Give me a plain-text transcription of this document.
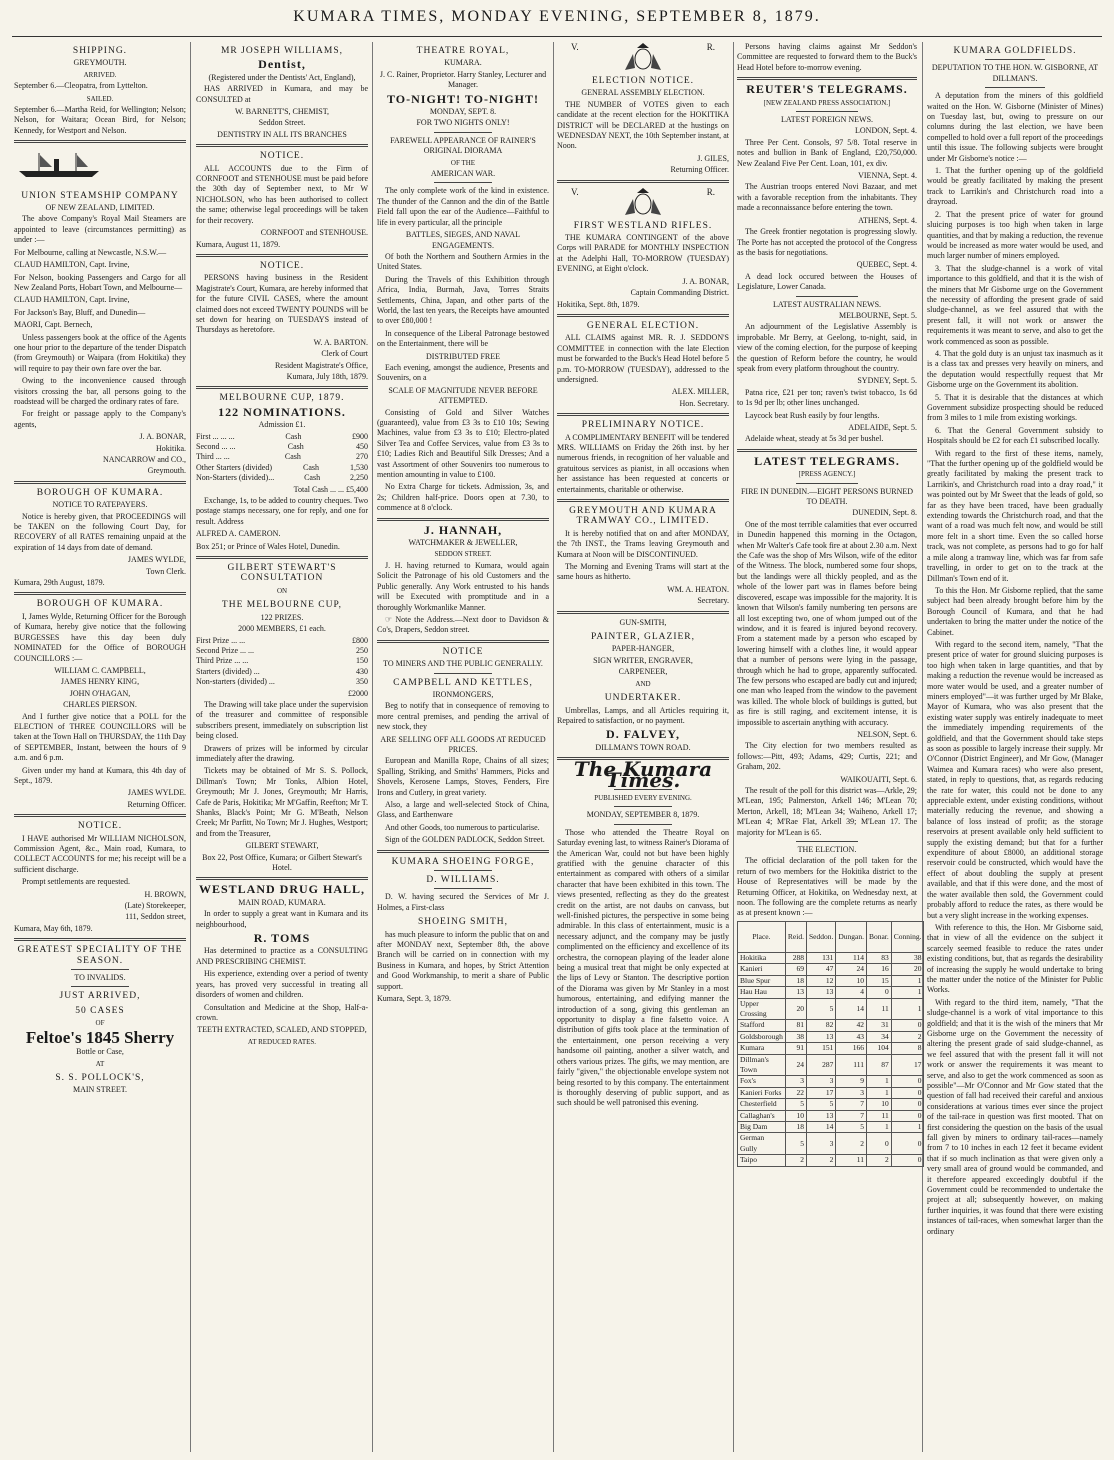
KUMARA TIMES, MONDAY EVENING, SEPTEMBER 8, 1879.
SHIPPING.
GREYMOUTH.
ARRIVED.
September 6.—Cleopatra, from Lyttelton.
SAILED.
September 6.—Martha Reid, for Wellington; Nelson; Nelson, for Waitara; Ocean Bird, for Nelson; Kennedy, for Westport and Nelson.
UNION STEAMSHIP COMPANY
OF NEW ZEALAND, LIMITED.
The above Company's Royal Mail Steamers are appointed to leave (circumstances permitting) as under :—
For Melbourne, calling at Newcastle, N.S.W.—
CLAUD HAMILTON, Capt. Irvine,
For Nelson, booking Passengers and Cargo for all New Zealand Ports, Hobart Town, and Melbourne—
CLAUD HAMILTON, Capt. Irvine,
For Jackson's Bay, Bluff, and Dunedin—
MAORI, Capt. Bernech,
Unless passengers book at the office of the Agents one hour prior to the departure of the tender Dispatch (from Greymouth) or Waipara (from Hokitika) they will require to pay their own fare over the bar.
Owing to the inconvenience caused through visitors crossing the bar, all persons going to the roadstead will be charged the ordinary rates of fare.
For freight or passage apply to the Company's agents,
J. A. BONAR,
Hokitika.
NANCARROW and CO.,
Greymouth.
BOROUGH OF KUMARA.
NOTICE TO RATEPAYERS.
Notice is hereby given, that PROCEEDINGS will be TAKEN on the following Court Day, for RECOVERY of all RATES remaining unpaid at the expiration of 14 days from date of demand.
JAMES WYLDE,
Town Clerk.
Kumara, 29th August, 1879.
BOROUGH OF KUMARA.
I, James Wylde, Returning Officer for the Borough of Kumara, hereby give notice that the following BURGESSES have this day been duly NOMINATED for the Office of BOROUGH COUNCILLORS :—
WILLIAM C. CAMPBELL,
JAMES HENRY KING,
JOHN O'HAGAN,
CHARLES PIERSON.
And I further give notice that a POLL for the ELECTION of THREE COUNCILLORS will be taken at the Town Hall on THURSDAY, the 11th Day of SEPTEMBER, Instant, between the hours of 9 a.m. and 6 p.m.
Given under my hand at Kumara, this 4th day of Sept., 1879.
JAMES WYLDE.
Returning Officer.
NOTICE.
I HAVE authorised Mr WILLIAM NICHOLSON, Commission Agent, &c., Main road, Kumara, to COLLECT ACCOUNTS for me; his receipt will be a sufficient discharge.
Prompt settlements are requested.
H. BROWN,
(Late) Storekeeper,
111, Seddon street,
Kumara, May 6th, 1879.
GREATEST SPECIALITY OF THE SEASON.
TO INVALIDS.
JUST ARRIVED,
50 CASES
OF
Feltoe's 1845 Sherry
Bottle or Case,
AT
S. S. POLLOCK'S,
MAIN STREET.
MR JOSEPH WILLIAMS,
Dentist,
(Registered under the Dentists' Act, England),
HAS ARRIVED in Kumara, and may be CONSULTED at
W. BARNETT'S, CHEMIST,
Seddon Street.
DENTISTRY IN ALL ITS BRANCHES
NOTICE.
ALL ACCOUNTS due to the Firm of CORNFOOT and STENHOUSE must be paid before the 30th day of September next, to Mr W NICHOLSON, who has been authorised to collect the same; otherwise legal proceedings will be taken for their recovery.
CORNFOOT and STENHOUSE.
Kumara, August 11, 1879.
NOTICE.
PERSONS having business in the Resident Magistrate's Court, Kumara, are hereby informed that for the future CIVIL CASES, where the amount claimed does not exceed TWENTY POUNDS will be set down for hearing on TUESDAYS instead of Thursdays as heretofore.
W. A. BARTON.
Clerk of Court
Resident Magistrate's Office,
Kumara, July 18th, 1879.
MELBOURNE CUP, 1879.
122 NOMINATIONS.
Admission £1.
First ... ... ...	Cash	£900
Second ... ...	Cash	450
Third ... ...	Cash	270
Other Starters (divided)	Cash	1,530
Non-Starters (divided)...	Cash	2,250
Total Cash ... ... £5,400
Exchange, 1s, to be added to country cheques. Two postage stamps necessary, one for reply, and one for result. Address
ALFRED A. CAMERON.
Box 251; or Prince of Wales Hotel, Dunedin.
GILBERT STEWART'S CONSULTATION
ON
THE MELBOURNE CUP,
122 PRIZES.
2000 MEMBERS, £1 each.
First Prize ... ...	£800
Second Prize ... ...	250
Third Prize ... ...	150
Starters (divided) ...	430
Non-starters (divided) ...	350
£2000
The Drawing will take place under the supervision of the treasurer and committee of responsible subscribers present, immediately on subscription list being closed.
Drawers of prizes will be informed by circular immediately after the drawing.
Tickets may be obtained of Mr S. S. Pollock, Dillman's Town; Mr Tonks, Albion Hotel, Greymouth; Mr J. Jones, Greymouth; Mr Harris, Cafe de Paris, Hokitika; Mr M'Gaffin, Reefton; Mr T. Shanks, Black's Point; Mr G. M'Beath, Nelson Creek; Mr Parfitt, No Town; Mr J. Hughes, Westport; and from the Treasurer,
GILBERT STEWART,
Box 22, Post Office, Kumara; or Gilbert Stewart's Hotel.
WESTLAND DRUG HALL,
MAIN ROAD, KUMARA.
In order to supply a great want in Kumara and its neighbourhood,
R. TOMS
Has determined to practice as a CONSULTING AND PRESCRIBING CHEMIST.
His experience, extending over a period of twenty years, has proved very successful in treating all disorders of women and children.
Consultation and Medicine at the Shop, Half-a-crown.
TEETH EXTRACTED, SCALED, AND STOPPED,
AT REDUCED RATES.
THEATRE ROYAL,
KUMARA.
J. C. Rainer, Proprietor. Harry Stanley, Lecturer and Manager.
TO-NIGHT! TO-NIGHT!
MONDAY, SEPT. 8.
FOR TWO NIGHTS ONLY!
FAREWELL APPEARANCE OF RAINER'S ORIGINAL DIORAMA
OF THE
AMERICAN WAR.
The only complete work of the kind in existence. The thunder of the Cannon and the din of the Battle Field fall upon the ear of the Audience—Faithful to life in every particular, all the principle
BATTLES, SIEGES, AND NAVAL ENGAGEMENTS.
Of both the Northern and Southern Armies in the United States.
During the Travels of this Exhibition through Africa, India, Burmah, Java, Torres Straits Settlements, China, Japan, and other parts of the World, the last ten years, the Receipts have amounted to over £80,000 !
In consequence of the Liberal Patronage bestowed on the Entertainment, there will be
DISTRIBUTED FREE
Each evening, amongst the audience, Presents and Souvenirs, on a
SCALE OF MAGNITUDE NEVER BEFORE ATTEMPTED.
Consisting of Gold and Silver Watches (guaranteed), value from £3 3s to £10 10s; Sewing Machines, value from £3 3s to £10; Electro-plated Silver Tea and Coffee Services, value from £3 3s to £10; Ladies Rich and Beautiful Silk Dresses; And a vast Assortment of other Souvenirs too numerous to mention amounting in value to £100.
No Extra Charge for tickets. Admission, 3s, and 2s; Children half-price. Doors open at 7.30, to commence at 8 o'clock.
J. HANNAH,
WATCHMAKER & JEWELLER,
SEDDON STREET.
J. H. having returned to Kumara, would again Solicit the Patronage of his old Customers and the Public generally. Any Work entrusted to his hands will be Executed with promptitude and in a thoroughly Workmanlike Manner.
☞ Note the Address.—Next door to Davidson & Co's, Drapers, Seddon street.
NOTICE
TO MINERS AND THE PUBLIC GENERALLY.
CAMPBELL AND KETTLES,
IRONMONGERS,
Beg to notify that in consequence of removing to more central premises, and pending the arrival of new stock, they
ARE SELLING OFF ALL GOODS AT REDUCED PRICES.
European and Manilla Rope, Chains of all sizes; Spalling, Striking, and Smiths' Hammers, Picks and Shovels, Kerosene Lamps, Stoves, Fenders, Fire Irons and Cutlery, in great variety.
Also, a large and well-selected Stock of China, Glass, and Earthenware
And other Goods, too numerous to particularise.
Sign of the GOLDEN PADLOCK, Seddon Street.
KUMARA SHOEING FORGE,
D. WILLIAMS.
D. W. having secured the Services of Mr J. Holmes, a First-class
SHOEING SMITH,
has much pleasure to inform the public that on and after MONDAY next, September 8th, the above Branch will be carried on in connection with my Business in Kumara, and hopes, by Strict Attention and Good Workmanship, to merit a share of Public support.
Kumara, Sept. 3, 1879.
V.	R.
ELECTION NOTICE.
GENERAL ASSEMBLY ELECTION.
THE NUMBER of VOTES given to each candidate at the recent election for the HOKITIKA DISTRICT will be DECLARED at the hustings on WEDNESDAY NEXT, the 10th September instant, at Noon.
J. GILES,
Returning Officer.
V.	R.
FIRST WESTLAND RIFLES.
THE KUMARA CONTINGENT of the above Corps will PARADE for MONTHLY INSPECTION at the Adelphi Hall, TO-MORROW (TUESDAY) EVENING, at Eight o'clock.
J. A. BONAR,
Captain Commanding District.
Hokitika, Sept. 8th, 1879.
GENERAL ELECTION.
ALL CLAIMS against MR. R. J. SEDDON'S COMMITTEE in connection with the late Election must be forwarded to the Buck's Head Hotel before 5 p.m. TO-MORROW (TUESDAY), addressed to the undersigned.
ALEX. MILLER,
Hon. Secretary.
PRELIMINARY NOTICE.
A COMPLIMENTARY BENEFIT will be tendered MRS. WILLIAMS on Friday the 26th inst. by her numerous friends, in recognition of her valuable and gratuitous services as pianist, in all occasions when her assistance has been requested at concerts or entertainments, charitable or otherwise.
GREYMOUTH AND KUMARA TRAMWAY CO., LIMITED.
It is hereby notified that on and after MONDAY, the 7th INST., the Trams leaving Greymouth and Kumara at Noon will be DISCONTINUED.
The Morning and Evening Trams will start at the same hours as hitherto.
WM. A. HEATON.
Secretary.
GUN-SMITH,
PAINTER, GLAZIER,
PAPER-HANGER,
SIGN WRITER, ENGRAVER,
CARPENEER,
AND
UNDERTAKER.
Umbrellas, Lamps, and all Articles requiring it, Repaired to satisfaction, or no payment.
D. FALVEY,
DILLMAN'S TOWN ROAD.
The Kumara Times.
PUBLISHED EVERY EVENING.
MONDAY, SEPTEMBER 8, 1879.
Those who attended the Theatre Royal on Saturday evening last, to witness Rainer's Diorama of the American War, could not but have been highly gratified with the genuine character of this entertainment as compared with others of a similar character that have been exhibited in this town. The views presented, reflecting as they do the greatest credit on the artist, are not daubs on canvass, but well-finished pictures, the perspective in some being admirable. In this class of entertainment, music is a necessary adjunct, and the company may be justly complimented on the efficiency and excellence of its orchestra, the cornopean playing of the leader alone being a musical treat that might be only expected at the lips of Levy or Stanton. The descriptive portion of the Diorama was given by Mr Stanley in a most humorous, entertaining, and edifying manner the introduction of a song, giving this gentleman an opportunity to display a fine falsetto voice. A distribution of gifts took place at the termination of the entertainment, one person receiving a very handsome oil painting, another a silver watch, and others various prizes. The gifts, we may mention, are fairly "given," the objectionable envelope system not being resorted to by this company. The entertainment is thoroughly deserving of public support, and as such should be well patronised this evening.
Persons having claims against Mr Seddon's Committee are requested to forward them to the Buck's Head Hotel before to-morrow evening.
REUTER'S TELEGRAMS.
[NEW ZEALAND PRESS ASSOCIATION.]
LATEST FOREIGN NEWS.
LONDON, Sept. 4.
Three Per Cent. Consols, 97 5/8. Total reserve in notes and bullion in Bank of England, £20,750,000. New Zealand Five Per Cent. Loan, 101, ex div.
VIENNA, Sept. 4.
The Austrian troops entered Novi Bazaar, and met with a favorable reception from the inhabitants. They made a reconnaissance before entering the town.
ATHENS, Sept. 4.
The Greek frontier negotation is progressing slowly. The Porte has not accepted the protocol of the Congress as the basis for negotiations.
QUEBEC, Sept. 4.
A dead lock occured between the Houses of Legislature, Lower Canada.
LATEST AUSTRALIAN NEWS.
MELBOURNE, Sept. 5.
An adjournment of the Legislative Assembly is improbable. Mr Berry, at Geelong, to-night, said, in view of the coming election, for the purpose of keeping the question of Reform before the country, he would speak from every platform throughout the country.
SYDNEY, Sept. 5.
Patna rice, £21 per ton; raven's twist tobacco, 1s 6d to 1s 9d per lb; other lines unchanged.
Laycock beat Rush easily by four lengths.
ADELAIDE, Sept. 5.
Adelaide wheat, steady at 5s 3d per bushel.
LATEST TELEGRAMS.
[PRESS AGENCY.]
FIRE IN DUNEDIN.—EIGHT PERSONS BURNED TO DEATH.
DUNEDIN, Sept. 8.
One of the most terrible calamities that ever occurred in Dunedin happened this morning in the Octagon, when Mr Walter's Cafe took fire at about 2.30 a.m. Next the Cafe was the shop of Mrs Wilson, wife of the editor of the Witness. The block, numbered some four shops, but the landings were all thickly peopled, and as the whole of the lower part was in flames before being discovered, escape was impossible for the majority. It is known that Wilson's family numbering ten persons are all lost excepting two, one of whom jumped out of the window, and it is feared is injured beyond recovery. From a statement made by a person who escaped by lowering himself with a clothes line, it would appear that a number of persons were lying in the passage, through which he had to grope, apparently suffocated. The few persons who escaped are badly cut and injured; one man who leaped from the window to the pavement was killed. The whole block of buildings is gutted, but as fire is still raging, and excitement intense, it is impossible to ascertain anything with accuracy.
NELSON, Sept. 6.
The City election for two members resulted as follows:—Pitt, 493; Adams, 429; Curtis, 221; and Graham, 202.
WAIKOUAITI, Sept. 6.
The result of the poll for this district was—Arkle, 29; M'Lean, 195; Palmerston, Arkell 146; M'Lean 70; Merton, Arkell, 18; M'Lean 34; Waiheno, Arkell 17; M'Lean 4; M'Rae Flat, Arkell 39; M'Lean 17. The majority for M'Lean is 65.
THE ELECTION.
The official declaration of the poll taken for the return of two members for the Hokitika district to the House of Representatives will be made by the Returning Officer, at Hokitika, on Wednesday next, at noon. The following are the complete returns as nearly as at present known :—
Place.	Reid.	Seddon.	Dungan.	Bonar.	Conning.
Hokitika	288	131	114	83	38
Kanieri	69	47	24	16	20
Blue Spur	18	12	10	15	1
Hau Hau	13	13	4	0	1
Upper Crossing	20	5	14	11	1
Stafford	81	82	42	31	0
Goldsborough	38	13	43	34	2
Kumara	91	151	166	104	8
Dillman's Town	24	287	111	87	17
Fox's	3	3	9	1	0
Kanieri Forks	22	17	3	1	0
Chesterfield	5	5	7	10	0
Callaghan's	10	13	7	11	0
Big Dam	18	14	5	1	1
German Gully	5	3	2	0	0
Taipo	2	2	11	2	0
KUMARA GOLDFIELDS.
DEPUTATION TO THE HON. W. GISBORNE, AT DILLMAN'S.
A deputation from the miners of this goldfield waited on the Hon. W. Gisborne (Minister of Mines) on Tuesday last, but, owing to pressure on our columns during the last election, we have been compelled to hold over a full report of the proceedings until this issue. The following subjects were brought under Mr Gisborne's notice :—
1. That the further opening up of the goldfield would be greatly facilitated by making the present track to Larrikin's and Christchurch road into a drayroad.
2. That the present price of water for ground sluicing purposes is too high when taken in large quantities, and that by making a reduction, the revenue would be increased as more water would be used, and much larger number of miners employed.
3. That the sludge-channel is a work of vital importance to this goldfield, and that it is the wish of the miners that Mr Gisborne urge on the Government the necessity of affording the present grade of said sludge-channel, as we feel assured that with the present fall, it will not work or answer the requirements it was meant to serve, and also to get the work commenced as soon as possible.
4. That the gold duty is an unjust tax inasmuch as it is a class tax and presses very heavily on miners, and the deputation would respectfully request that Mr Gisborne urge on the Government its abolition.
5. That it is desirable that the distances at which Government subsidize prospecting should be reduced from 3 miles to 1 mile from existing workings.
6. That the General Government subsidy to Hospitals should be £2 for each £1 subscribed locally.
With regard to the first of these items, namely, "That the further opening up of the goldfield would be greatly facilitated by making the present track to Larrikin's, and Christchurch road into a dray road," it was pointed out by Mr Sweet that the leads of gold, so far as they have been traced, have been gradually extending towards the Christchurch road, and that the want of a road was much felt now, and would be still more felt in a short time. Even the so called horse track, was not complete, as persons had to go for half a mile along a tramway line, which was far from safe travelling, in order to get on to the track at the Dillman's Town end of it.
To this the Hon. Mr Gisborne replied, that the same subject had been already brought before him by the Borough Council of Kumara, and that he had undertaken to bring the matter under the notice of the Cabinet.
With regard to the second item, namely, "That the present price of water for ground sluicing purposes is too high when taken in large quantities, and that by making a reduction the revenue would be increased as more water would be used, and a greater number of miners employed"—it was further urged by Mr Blake, Mayor of Kumara, who was also present that the existing water supply was entirely inadequate to meet the immediately impending requirements of the goldfield, and that the Government should take steps as soon as possible to largely increase their supply. Mr O'Connor (District Engineer), and Mr Gow, (Manager Waimea and Kumara races) who were also present, stated, in reply to questions, that, as regards reducing the rate for water, this could not be done to any appreciable extent, under existing conditions, without materially reducing the revenue, and showing a balance of loss instead of profit; as the storage reservoirs at present available only held sufficient to supply the existing demand; but that for a further expenditure of about £8000, an additional storage reservoir could be constructed, which would have the effect of about doubling the supply at present available, and that if this were done, and the most of the water available then sold, the Government could probably afford to reduce the rates, as there would be but a very slight increase in the working expenses.
With reference to this, the Hon. Mr Gisborne said, that in view of all the evidence on the subject it scarcely seemed feasible to reduce the rates under existing conditions, but, that as regards the desirability of increasing the supply he would undertake to bring the matter under the notice of the Minister for Public Works.
With regard to the third item, namely, "That the sludge-channel is a work of vital importance to this goldfield; and that it is the wish of the miners that Mr Gisborne urge on the Government the necessity of altering the present grade of said sludge-channel, as we feel assured that with the present fall it will not work or answer the requirements it was meant to serve, and also to get the work commenced as soon as possible"—Mr O'Connor and Mr Gow stated that the question of fall had received their careful and anxious considerations at various times ever since the project of the tail-race in question was first mooted. That on first considering the question on the basis of the usual fall given by miners to ordinary tail-races—namely from 7 to 10 inches in each 12 feet it became evident that if so much inclination as that were given only a very small area of ground would be commanded, and it therefore appeared exceedingly doubtful if the Government could be recommended to undertake the project at all; subsequently however, on making further inquiries, it was found that there were existing instances of tail-races, when somewhat larger than the ordinary
